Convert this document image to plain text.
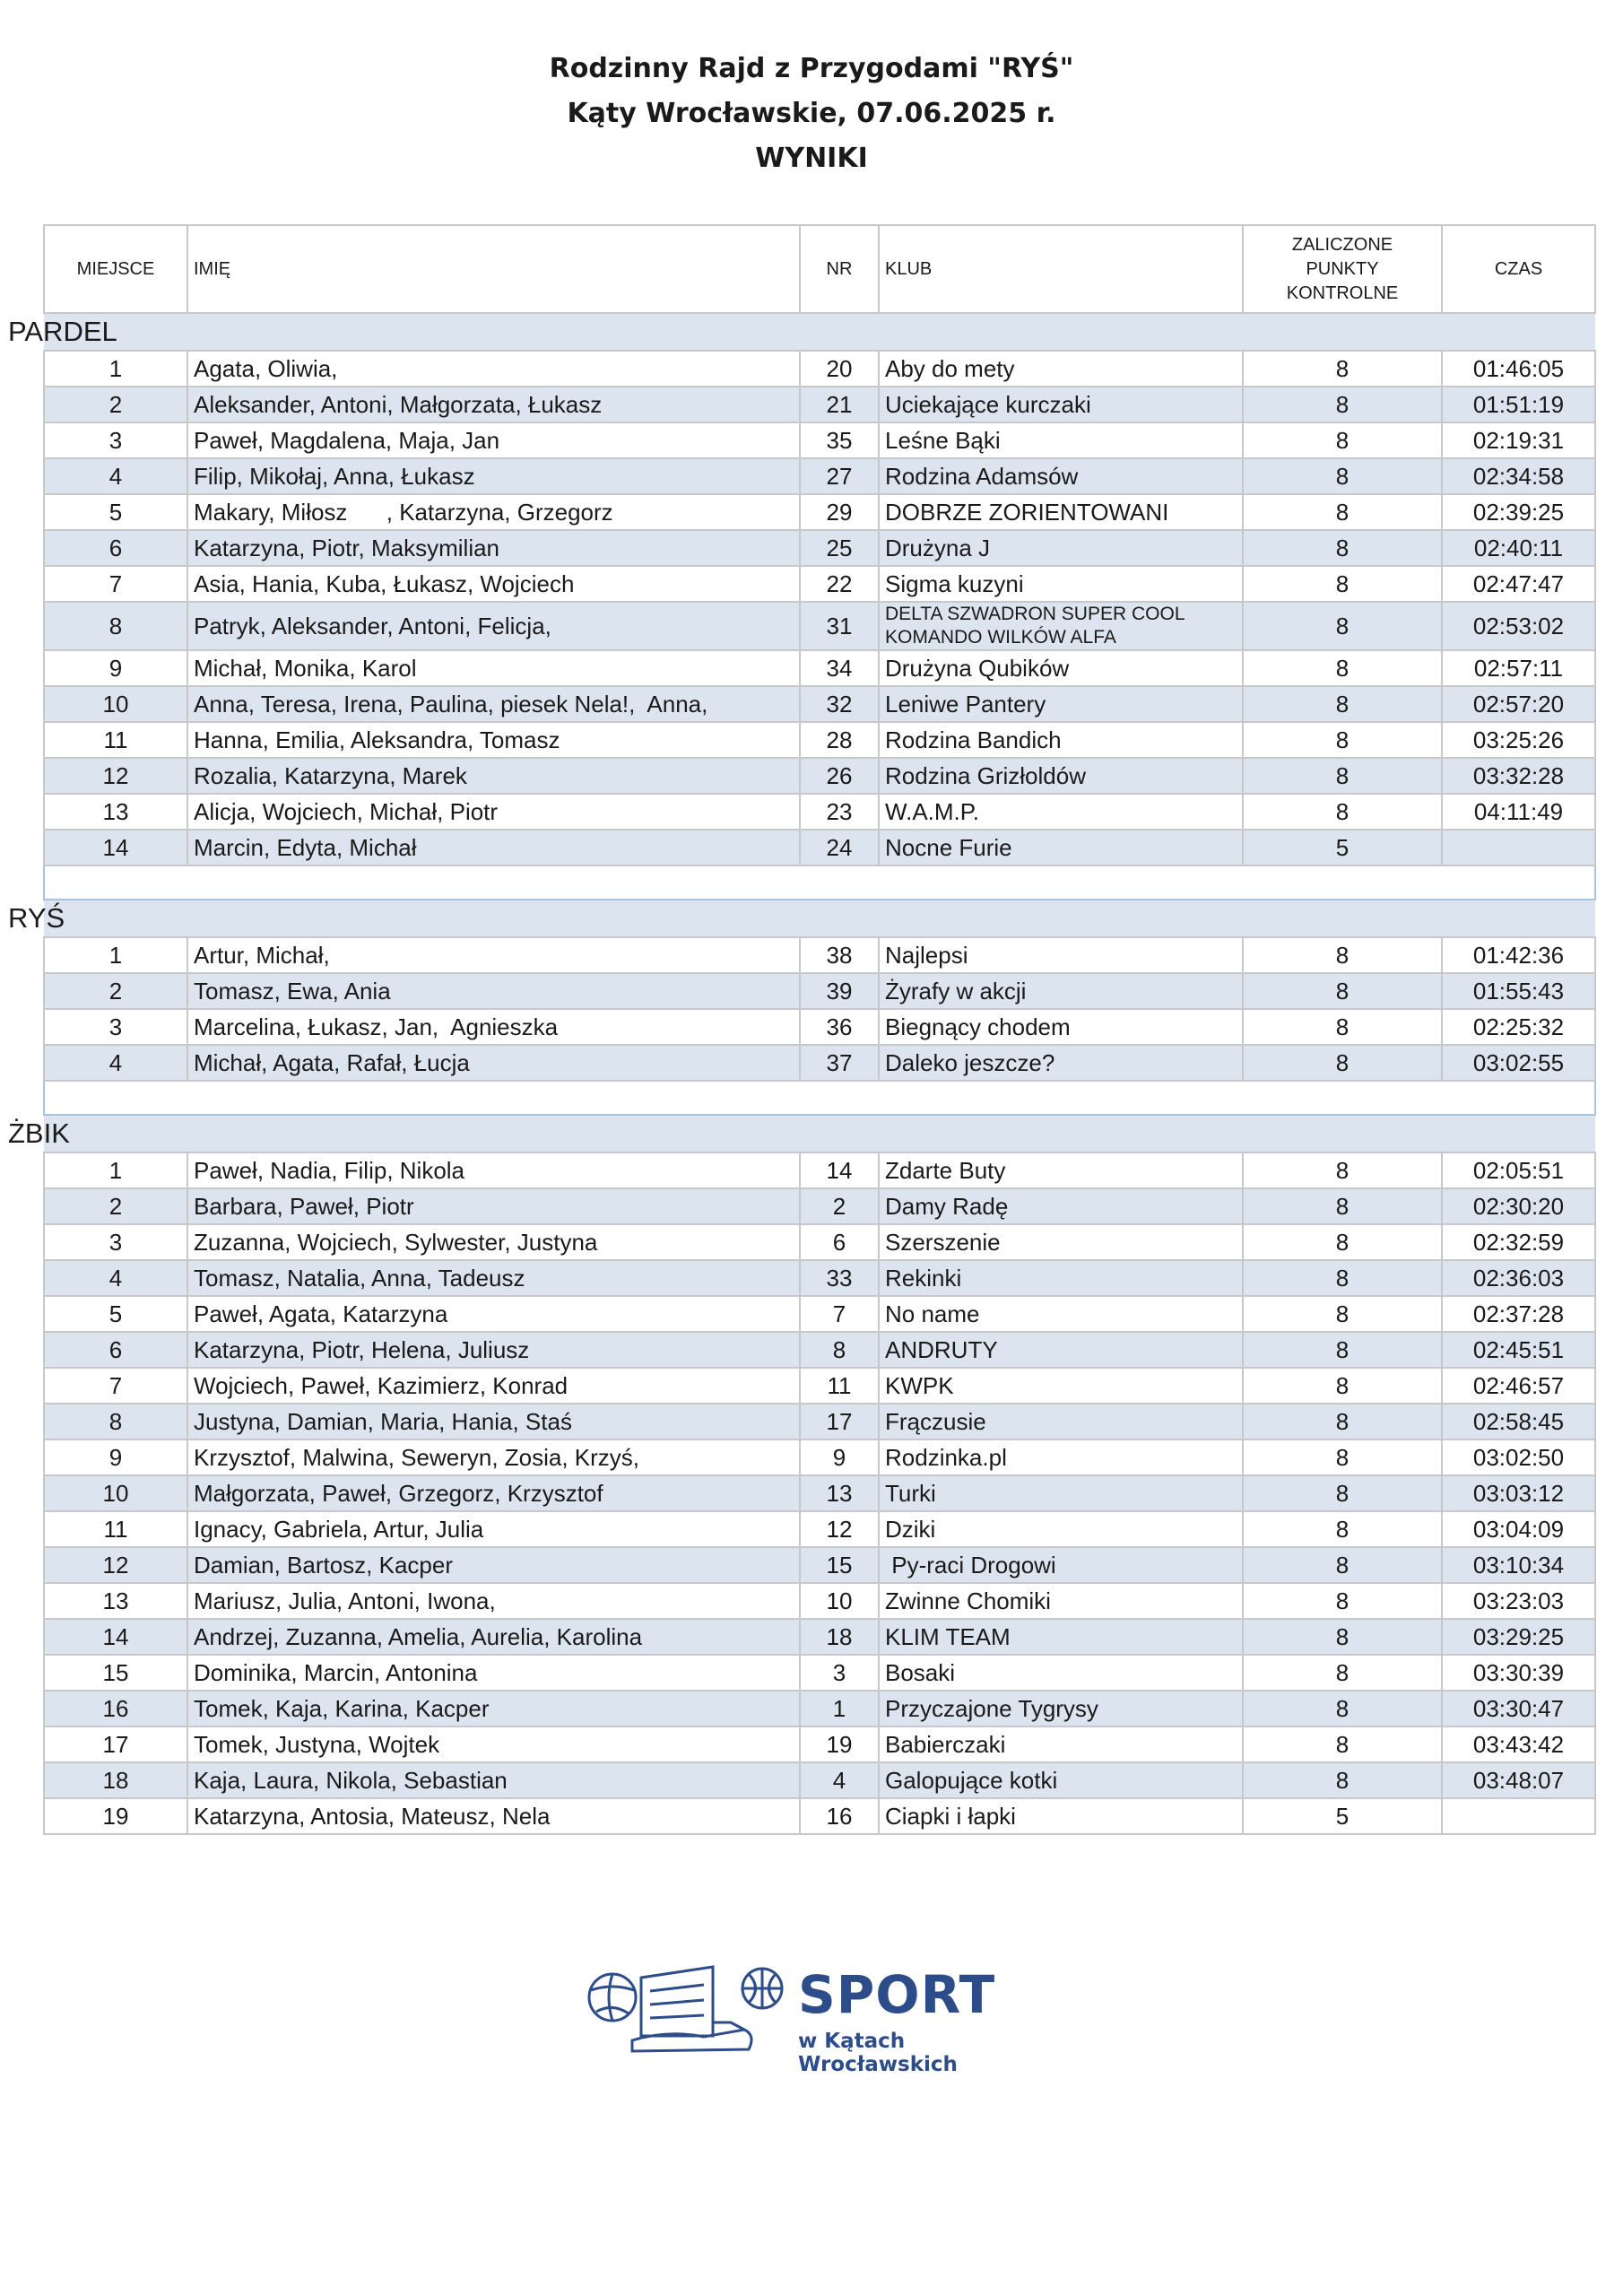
Rodzinny Rajd z Przygodami "RYŚ"
Kąty Wrocławskie, 07.06.2025 r.
WYNIKI
MIEJSCE	IMIĘ	NR	KLUB	ZALICZONE PUNKTY KONTROLNE	CZAS
PARDEL					
1	Agata, Oliwia,	20	Aby do mety	8	01:46:05
2	Aleksander, Antoni, Małgorzata, Łukasz	21	Uciekające kurczaki	8	01:51:19
3	Paweł, Magdalena, Maja, Jan	35	Leśne Bąki	8	02:19:31
4	Filip, Mikołaj, Anna, Łukasz	27	Rodzina Adamsów	8	02:34:58
5	Makary, Miłosz      , Katarzyna, Grzegorz	29	DOBRZE ZORIENTOWANI	8	02:39:25
6	Katarzyna, Piotr, Maksymilian	25	Drużyna J	8	02:40:11
7	Asia, Hania, Kuba, Łukasz, Wojciech	22	Sigma kuzyni	8	02:47:47
8	Patryk, Aleksander, Antoni, Felicja,	31	DELTA SZWADRON SUPER COOL
KOMANDO WILKÓW ALFA	8	02:53:02
9	Michał, Monika, Karol	34	Drużyna Qubików	8	02:57:11
10	Anna, Teresa, Irena, Paulina, piesek Nela!,  Anna,	32	Leniwe Pantery	8	02:57:20
11	Hanna, Emilia, Aleksandra, Tomasz	28	Rodzina Bandich	8	03:25:26
12	Rozalia, Katarzyna, Marek	26	Rodzina Grizłoldów	8	03:32:28
13	Alicja, Wojciech, Michał, Piotr	23	W.A.M.P.	8	04:11:49
14	Marcin, Edyta, Michał	24	Nocne Furie	5	

RYŚ					
1	Artur, Michał,	38	Najlepsi	8	01:42:36
2	Tomasz, Ewa, Ania	39	Żyrafy w akcji	8	01:55:43
3	Marcelina, Łukasz, Jan,  Agnieszka	36	Biegnący chodem	8	02:25:32
4	Michał, Agata, Rafał, Łucja	37	Daleko jeszcze?	8	03:02:55

ŻBIK					
1	Paweł, Nadia, Filip, Nikola	14	Zdarte Buty	8	02:05:51
2	Barbara, Paweł, Piotr	2	Damy Radę	8	02:30:20
3	Zuzanna, Wojciech, Sylwester, Justyna	6	Szerszenie	8	02:32:59
4	Tomasz, Natalia, Anna, Tadeusz	33	Rekinki	8	02:36:03
5	Paweł, Agata, Katarzyna	7	No name	8	02:37:28
6	Katarzyna, Piotr, Helena, Juliusz	8	ANDRUTY	8	02:45:51
7	Wojciech, Paweł, Kazimierz, Konrad	11	KWPK	8	02:46:57
8	Justyna, Damian, Maria, Hania, Staś	17	Frączusie	8	02:58:45
9	Krzysztof, Malwina, Seweryn, Zosia, Krzyś,	9	Rodzinka.pl	8	03:02:50
10	Małgorzata, Paweł, Grzegorz, Krzysztof	13	Turki	8	03:03:12
11	Ignacy, Gabriela, Artur, Julia	12	Dziki	8	03:04:09
12	Damian, Bartosz, Kacper	15	Py-raci Drogowi	8	03:10:34
13	Mariusz, Julia, Antoni, Iwona,	10	Zwinne Chomiki	8	03:23:03
14	Andrzej, Zuzanna, Amelia, Aurelia, Karolina	18	KLIM TEAM	8	03:29:25
15	Dominika, Marcin, Antonina	3	Bosaki	8	03:30:39
16	Tomek, Kaja, Karina, Kacper	1	Przyczajone Tygrysy	8	03:30:47
17	Tomek, Justyna, Wojtek	19	Babierczaki	8	03:43:42
18	Kaja, Laura, Nikola, Sebastian	4	Galopujące kotki	8	03:48:07
19	Katarzyna, Antosia, Mateusz, Nela	16	Ciapki i łapki	5	
SPORT
w Kątach Wrocławskich
